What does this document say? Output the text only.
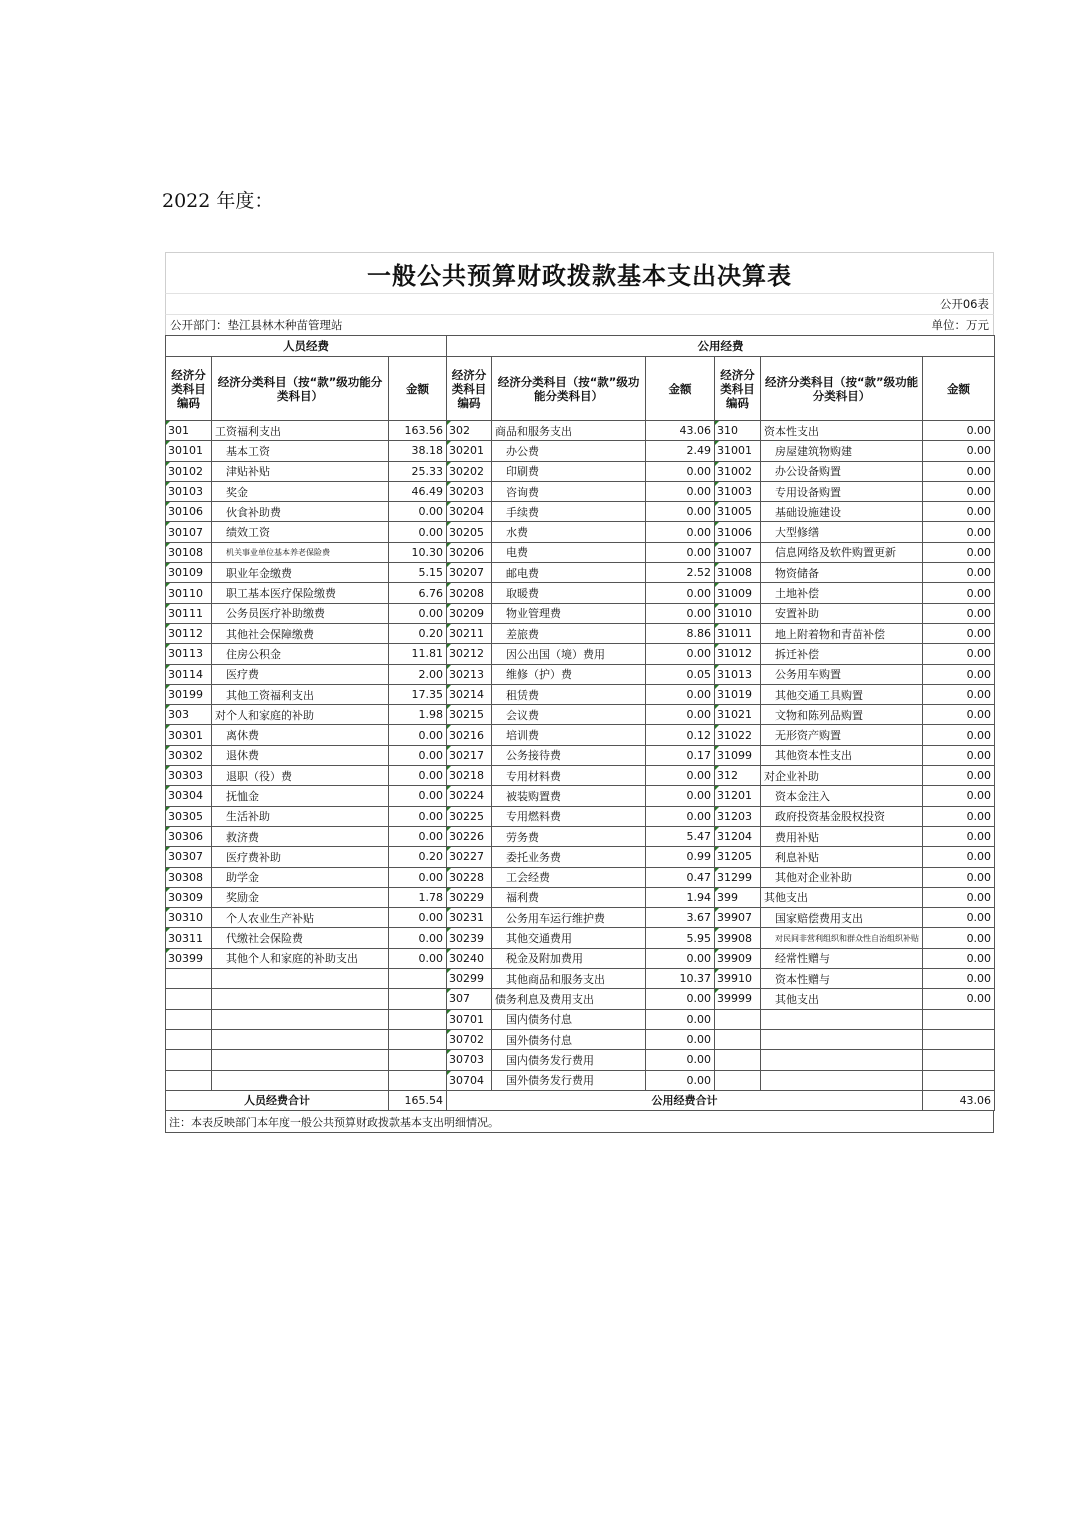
2022 年度：
一般公共预算财政拨款基本支出决算表
公开06表
公开部门：垫江县林木种苗管理站	单位：万元
人员经费			公用经费					
经济分类科目编码	经济分类科目（按“款”级功能分类科目）	金额	经济分类科目编码	经济分类科目（按“款”级功能分类科目）	金额	经济分类科目编码	经济分类科目（按“款”级功能分类科目）	金额
301	工资福利支出	163.56	302	商品和服务支出	43.06	310	资本性支出	0.00
30101	基本工资	38.18	30201	办公费	2.49	31001	房屋建筑物购建	0.00
30102	津贴补贴	25.33	30202	印刷费	0.00	31002	办公设备购置	0.00
30103	奖金	46.49	30203	咨询费	0.00	31003	专用设备购置	0.00
30106	伙食补助费	0.00	30204	手续费	0.00	31005	基础设施建设	0.00
30107	绩效工资	0.00	30205	水费	0.00	31006	大型修缮	0.00
30108	机关事业单位基本养老保险费	10.30	30206	电费	0.00	31007	信息网络及软件购置更新	0.00
30109	职业年金缴费	5.15	30207	邮电费	2.52	31008	物资储备	0.00
30110	职工基本医疗保险缴费	6.76	30208	取暖费	0.00	31009	土地补偿	0.00
30111	公务员医疗补助缴费	0.00	30209	物业管理费	0.00	31010	安置补助	0.00
30112	其他社会保障缴费	0.20	30211	差旅费	8.86	31011	地上附着物和青苗补偿	0.00
30113	住房公积金	11.81	30212	因公出国（境）费用	0.00	31012	拆迁补偿	0.00
30114	医疗费	2.00	30213	维修（护）费	0.05	31013	公务用车购置	0.00
30199	其他工资福利支出	17.35	30214	租赁费	0.00	31019	其他交通工具购置	0.00
303	对个人和家庭的补助	1.98	30215	会议费	0.00	31021	文物和陈列品购置	0.00
30301	离休费	0.00	30216	培训费	0.12	31022	无形资产购置	0.00
30302	退休费	0.00	30217	公务接待费	0.17	31099	其他资本性支出	0.00
30303	退职（役）费	0.00	30218	专用材料费	0.00	312	对企业补助	0.00
30304	抚恤金	0.00	30224	被装购置费	0.00	31201	资本金注入	0.00
30305	生活补助	0.00	30225	专用燃料费	0.00	31203	政府投资基金股权投资	0.00
30306	救济费	0.00	30226	劳务费	5.47	31204	费用补贴	0.00
30307	医疗费补助	0.20	30227	委托业务费	0.99	31205	利息补贴	0.00
30308	助学金	0.00	30228	工会经费	0.47	31299	其他对企业补助	0.00
30309	奖励金	1.78	30229	福利费	1.94	399	其他支出	0.00
30310	个人农业生产补贴	0.00	30231	公务用车运行维护费	3.67	39907	国家赔偿费用支出	0.00
30311	代缴社会保险费	0.00	30239	其他交通费用	5.95	39908	对民间非营利组织和群众性自治组织补贴	0.00
30399	其他个人和家庭的补助支出	0.00	30240	税金及附加费用	0.00	39909	经常性赠与	0.00
			30299	其他商品和服务支出	10.37	39910	资本性赠与	0.00
			307	债务利息及费用支出	0.00	39999	其他支出	0.00
			30701	国内债务付息	0.00			
			30702	国外债务付息	0.00			
			30703	国内债务发行费用	0.00			
			30704	国外债务发行费用	0.00			
人员经费合计		165.54	公用经费合计					43.06
注：本表反映部门本年度一般公共预算财政拨款基本支出明细情况。
